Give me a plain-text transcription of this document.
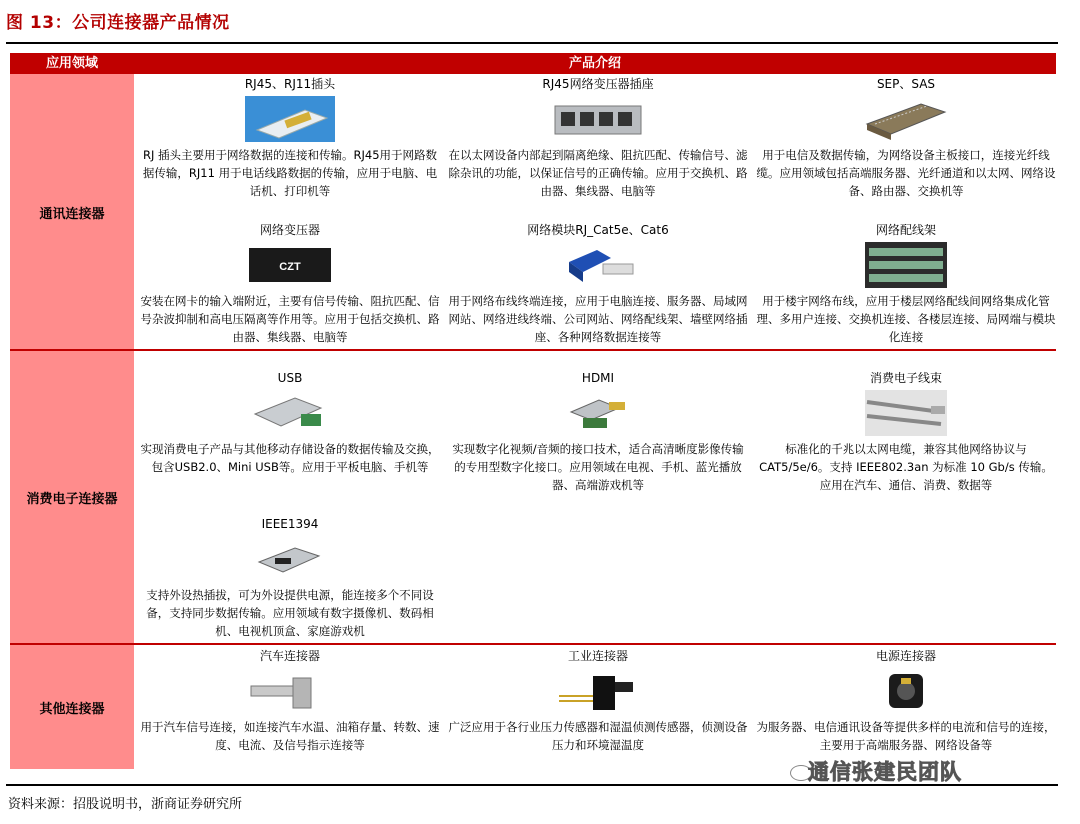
图 13：公司连接器产品情况
应用领域	产品介绍
通讯连接器
消费电子连接器
其他连接器
RJ45、RJ11插头
RJ 插头主要用于网络数据的连接和传输。RJ45用于网路数据传输，RJ11 用于电话线路数据的传输，应用于电脑、电话机、打印机等
RJ45网络变压器插座
在以太网设备内部起到隔离绝缘、阻抗匹配、传输信号、滤除杂讯的功能，以保证信号的正确传输。应用于交换机、路由器、集线器、电脑等
SEP、SAS
用于电信及数据传输，为网络设备主板接口，连接光纤线缆。应用领域包括高端服务器、光纤通道和以太网、网络设备、路由器、交换机等
网络变压器
CZT
安装在网卡的输入端附近，主要有信号传输、阻抗匹配、信号杂波抑制和高电压隔离等作用等。应用于包括交换机、路由器、集线器、电脑等
网络模块RJ_Cat5e、Cat6
用于网络布线终端连接，应用于电脑连接、服务器、局域网网站、网络进线终端、公司网站、网络配线架、墙壁网络插座、各种网络数据连接等
网络配线架
用于楼宇网络布线，应用于楼层网络配线间网络集成化管理、多用户连接、交换机连接、各楼层连接、局网端与模块化连接
USB
实现消费电子产品与其他移动存储设备的数据传输及交换，包含USB2.0、Mini USB等。应用于平板电脑、手机等
HDMI
实现数字化视频/音频的接口技术，适合高清晰度影像传输的专用型数字化接口。应用领域在电视、手机、蓝光播放器、高端游戏机等
消费电子线束
标准化的千兆以太网电缆，兼容其他网络协议与CAT5/5e/6。支持 IEEE802.3an 为标准 10 Gb/s 传输。应用在汽车、通信、消费、数据等
IEEE1394
支持外设热插拔，可为外设提供电源，能连接多个不同设备，支持同步数据传输。应用领域有数字摄像机、数码相机、电视机顶盒、家庭游戏机
汽车连接器
用于汽车信号连接，如连接汽车水温、油箱存量、转数、速度、电流、及信号指示连接等
工业连接器
广泛应用于各行业压力传感器和湿温侦测传感器，侦测设备压力和环境湿温度
电源连接器
为服务器、电信通讯设备等提供多样的电流和信号的连接，主要用于高端服务器、网络设备等
资料来源：招股说明书，浙商证券研究所
通信张建民团队
